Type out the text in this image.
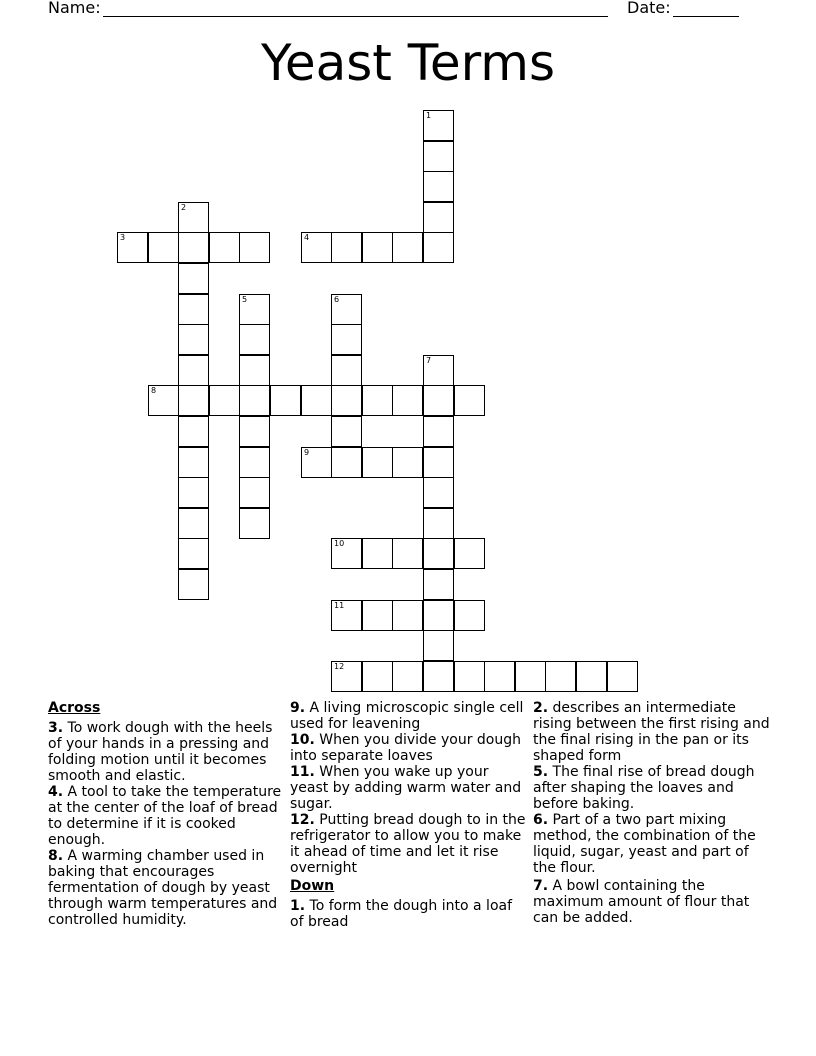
Name:	Date:
Yeast Terms
1
2
3	4
5	6
7
8
9
10
11
12
Across
3. To work dough with the heels of your hands in a pressing and folding motion until it becomes smooth and elastic.
4. A tool to take the temperature at the center of the loaf of bread to determine if it is cooked enough.
8. A warming chamber used in baking that encourages fermentation of dough by yeast through warm temperatures and controlled humidity.
9. A living microscopic single cell used for leavening
10. When you divide your dough into separate loaves
11. When you wake up your yeast by adding warm water and sugar.
12. Putting bread dough to in the refrigerator to allow you to make it ahead of time and let it rise overnight
Down
1. To form the dough into a loaf of bread
2. describes an intermediate rising between the first rising and the final rising in the pan or its shaped form
5. The final rise of bread dough after shaping the loaves and before baking.
6. Part of a two part mixing method, the combination of the liquid, sugar, yeast and part of the flour.
7. A bowl containing the maximum amount of flour that can be added.
